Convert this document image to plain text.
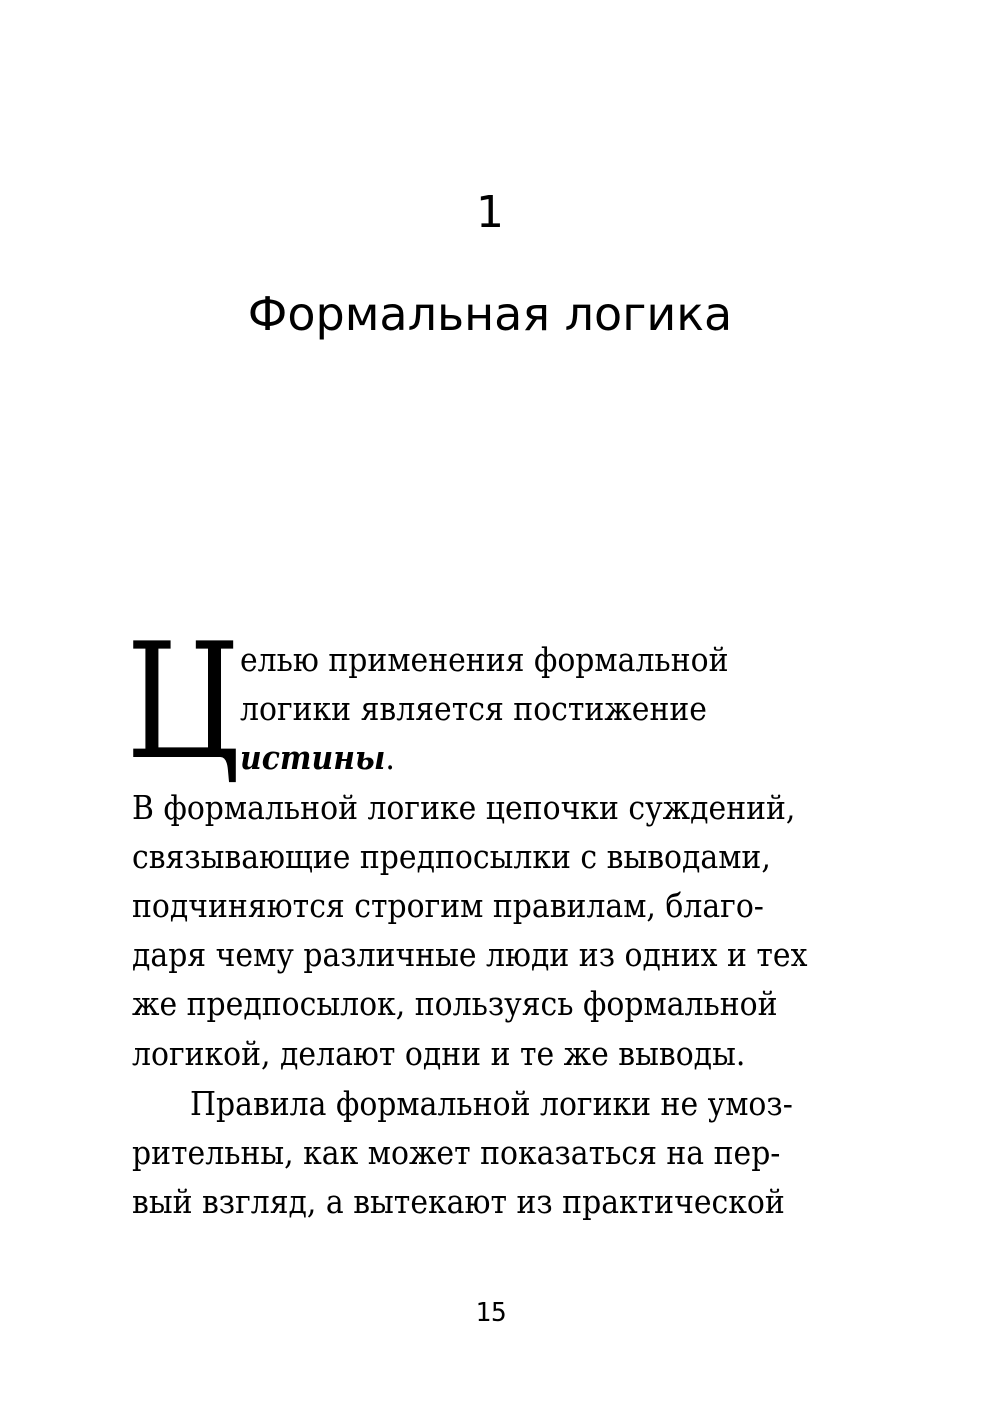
1
Формальная логика
Ц елью применения формальной
логики является постижение
истины.
В формальной логике цепочки суждений,
связывающие предпосылки с выводами,
подчиняются строгим правилам, благо-
даря чему различные люди из одних и тех
же предпосылок, пользуясь формальной
логикой, делают одни и те же выводы.
Правила формальной логики не умоз-
рительны, как может показаться на пер-
вый взгляд, а вытекают из практической
15
